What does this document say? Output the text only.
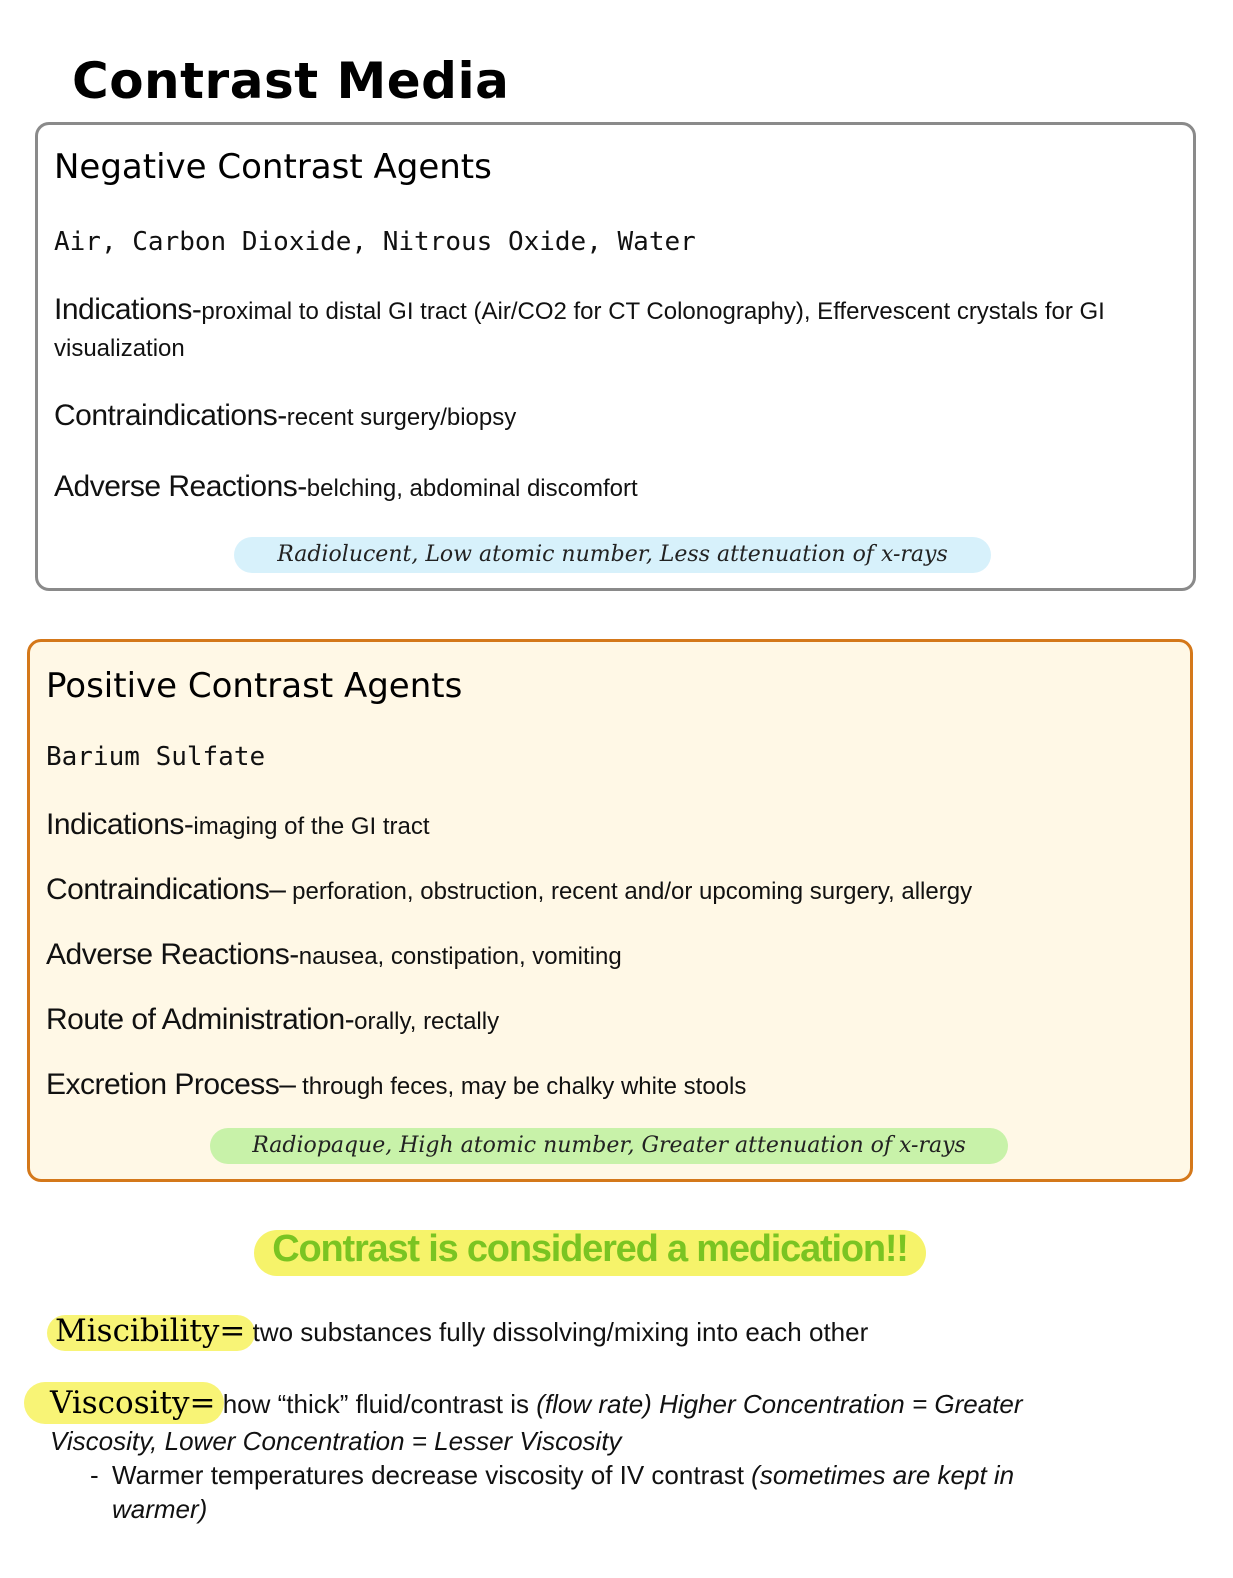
Contrast Media
Negative Contrast Agents
Air, Carbon Dioxide, Nitrous Oxide, Water
Indications-proximal to distal GI tract (Air/CO2 for CT Colonography), Effervescent crystals for GI visualization
Contraindications-recent surgery/biopsy
Adverse Reactions-belching, abdominal discomfort
Radiolucent, Low atomic number, Less attenuation of x-rays
Positive Contrast Agents
Barium Sulfate
Indications-imaging of the GI tract
Contraindications– perforation, obstruction, recent and/or upcoming surgery, allergy
Adverse Reactions-nausea, constipation, vomiting
Route of Administration-orally, rectally
Excretion Process– through feces, may be chalky white stools
Radiopaque, High atomic number, Greater attenuation of x-rays
Contrast is considered a medication!!
Miscibility= two substances fully dissolving/mixing into each other
Viscosity= how “thick” fluid/contrast is (flow rate) Higher Concentration = Greater Viscosity, Lower Concentration = Lesser Viscosity
- Warmer temperatures decrease viscosity of IV contrast (sometimes are kept in warmer)
